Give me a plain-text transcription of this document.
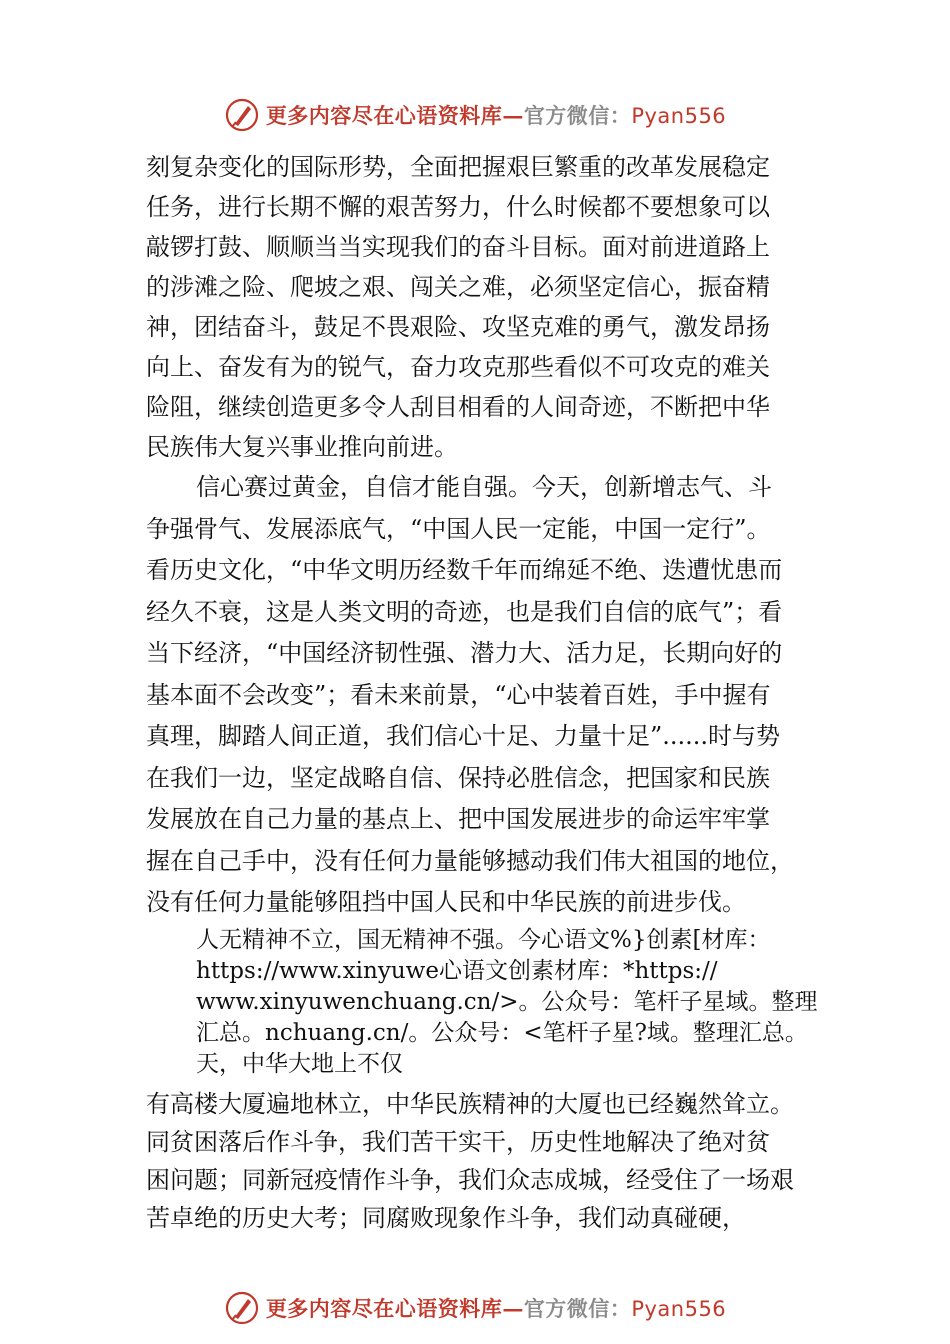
更多内容尽在心语资料库—官方微信：Pyan556
刻复杂变化的国际形势，全面把握艰巨繁重的改革发展稳定
任务，进行长期不懈的艰苦努力，什么时候都不要想象可以
敲锣打鼓、顺顺当当实现我们的奋斗目标。面对前进道路上
的涉滩之险、爬坡之艰、闯关之难，必须坚定信心，振奋精
神，团结奋斗，鼓足不畏艰险、攻坚克难的勇气，激发昂扬
向上、奋发有为的锐气，奋力攻克那些看似不可攻克的难关
险阻，继续创造更多令人刮目相看的人间奇迹，不断把中华
民族伟大复兴事业推向前进。
信心赛过黄金，自信才能自强。今天，创新增志气、斗
争强骨气、发展添底气，“中国人民一定能，中国一定行”。
看历史文化，“中华文明历经数千年而绵延不绝、迭遭忧患而
经久不衰，这是人类文明的奇迹，也是我们自信的底气”；看
当下经济，“中国经济韧性强、潜力大、活力足，长期向好的
基本面不会改变”；看未来前景，“心中装着百姓，手中握有
真理，脚踏人间正道，我们信心十足、力量十足”......时与势
在我们一边，坚定战略自信、保持必胜信念，把国家和民族
发展放在自己力量的基点上、把中国发展进步的命运牢牢掌
握在自己手中，没有任何力量能够撼动我们伟大祖国的地位，
没有任何力量能够阻挡中国人民和中华民族的前进步伐。
人无精神不立，国无精神不强。今心语文%}创素[材库：
https://www.xinyuwe心语文创素材库：*https://
www.xinyuwenchuang.cn/>。公众号：笔杆子星域。整理
汇总。nchuang.cn/。公众号：<笔杆子星?域。整理汇总。
天，中华大地上不仅
有高楼大厦遍地林立，中华民族精神的大厦也已经巍然耸立。
同贫困落后作斗争，我们苦干实干，历史性地解决了绝对贫
困问题；同新冠疫情作斗争，我们众志成城，经受住了一场艰
苦卓绝的历史大考；同腐败现象作斗争，我们动真碰硬，
更多内容尽在心语资料库—官方微信：Pyan556
